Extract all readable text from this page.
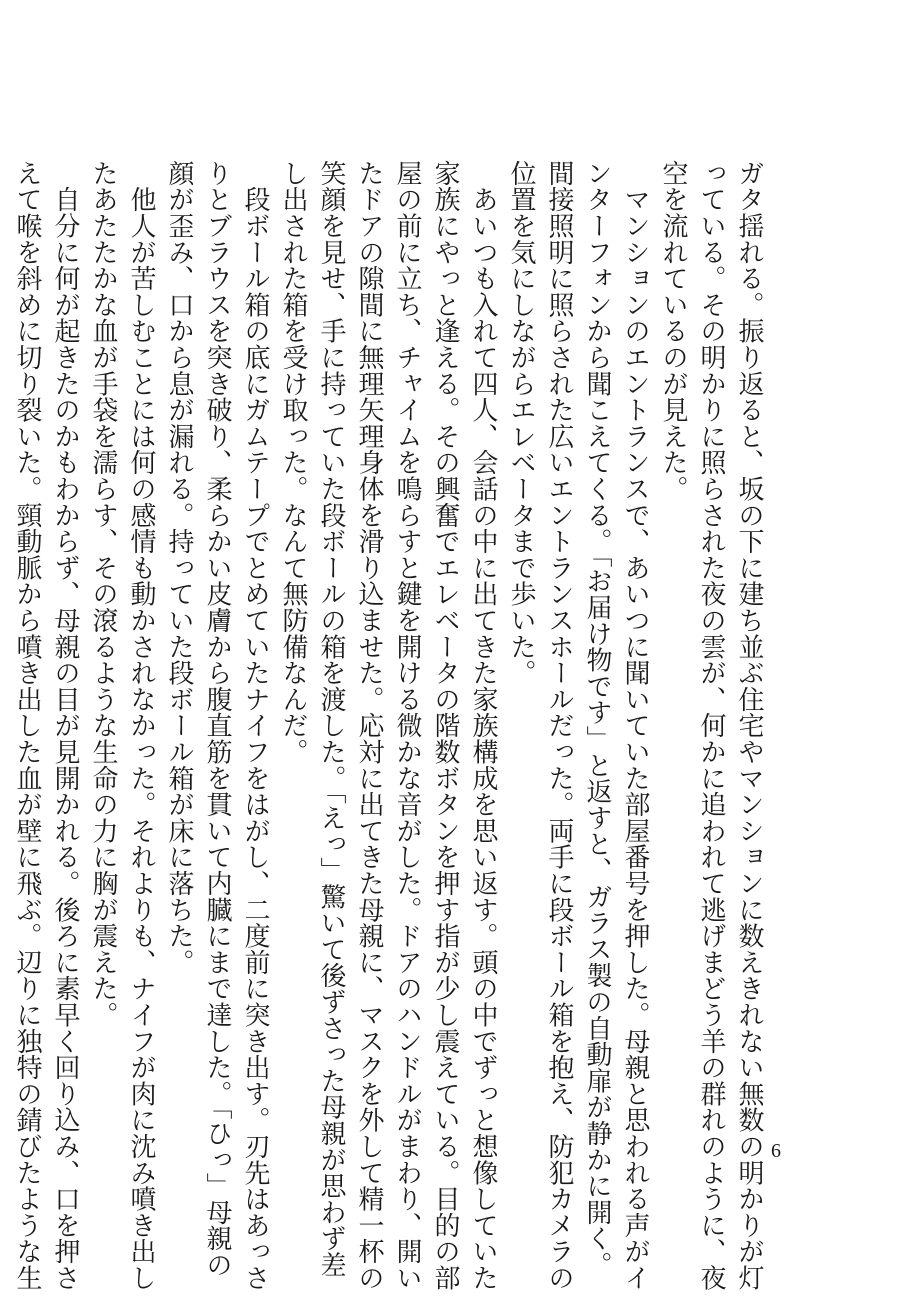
ガタ揺れる。振り返ると、坂の下に建ち並ぶ住宅やマンションに数えきれない無数の明かりが灯
っている。その明かりに照らされた夜の雲が、何かに追われて逃げまどう羊の群れのように、夜
空を流れているのが見えた。
　マンションのエントランスで、あいつに聞いていた部屋番号を押した。母親と思われる声がイ
ンターフォンから聞こえてくる。「お届け物です」と返すと、ガラス製の自動扉が静かに開く。
間接照明に照らされた広いエントランスホールだった。両手に段ボール箱を抱え、防犯カメラの
位置を気にしながらエレベータまで歩いた。
　あいつも入れて四人、会話の中に出てきた家族構成を思い返す。頭の中でずっと想像していた
家族にやっと逢える。その興奮でエレベータの階数ボタンを押す指が少し震えている。目的の部
屋の前に立ち、チャイムを鳴らすと鍵を開ける微かな音がした。ドアのハンドルがまわり、開い
たドアの隙間に無理矢理身体を滑り込ませた。応対に出てきた母親に、マスクを外して精一杯の
笑顔を見せ、手に持っていた段ボールの箱を渡した。「えっ」驚いて後ずさった母親が思わず差
し出された箱を受け取った。なんて無防備なんだ。
　段ボール箱の底にガムテープでとめていたナイフをはがし、二度前に突き出す。刃先はあっさ
りとブラウスを突き破り、柔らかい皮膚から腹直筋を貫いて内臓にまで達した。「ひっ」母親の
顔が歪み、口から息が漏れる。持っていた段ボール箱が床に落ちた。
　他人が苦しむことには何の感情も動かされなかった。それよりも、ナイフが肉に沈み噴き出し
たあたたかな血が手袋を濡らす、その滾るような生命の力に胸が震えた。
　自分に何が起きたのかもわからず、母親の目が見開かれる。後ろに素早く回り込み、口を押さ
えて喉を斜めに切り裂いた。頸動脈から噴き出した血が壁に飛ぶ。辺りに独特の錆びたような生	6
